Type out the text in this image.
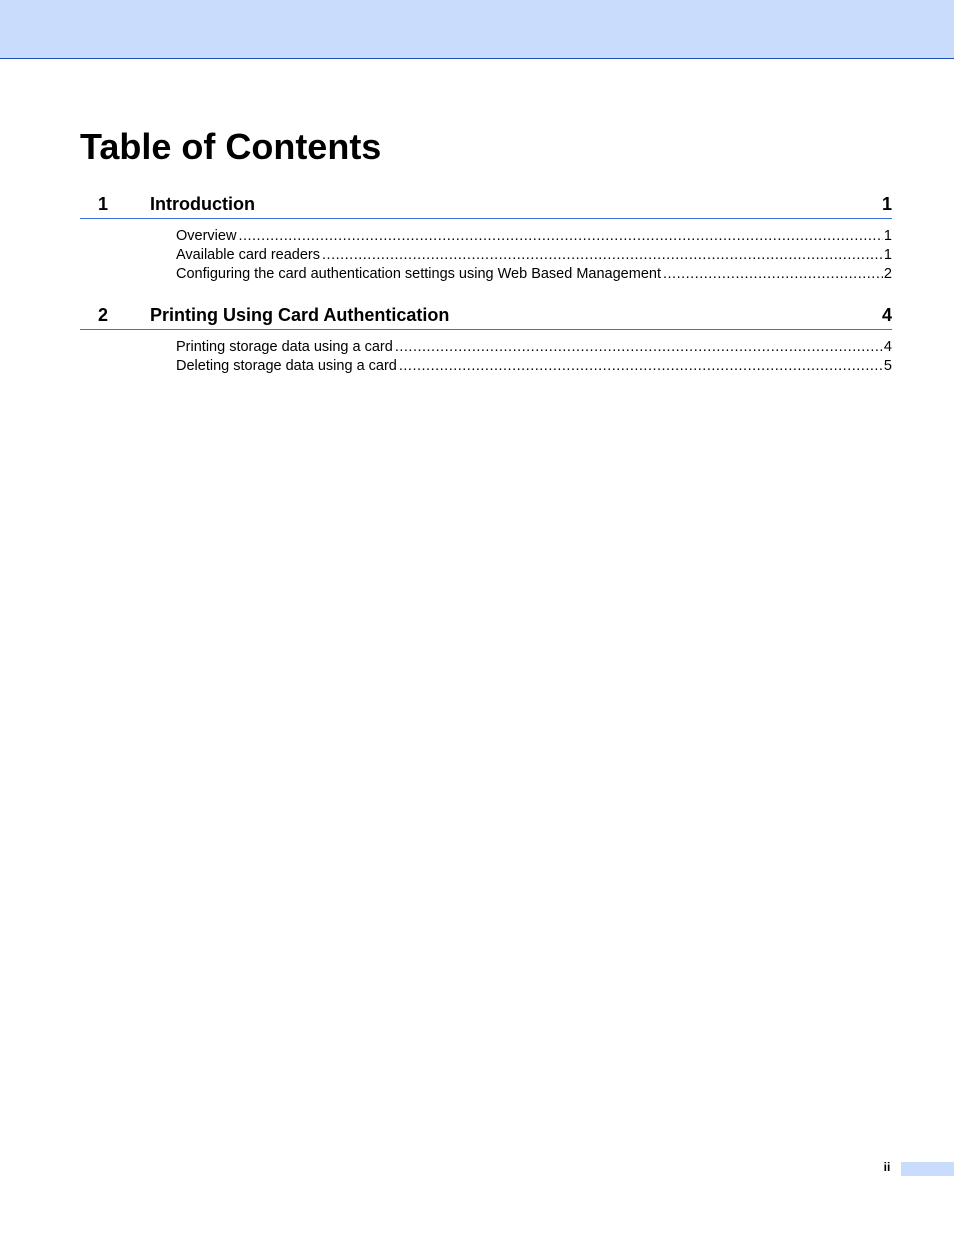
Table of Contents
1 Introduction	1
Overview .....	1
Available card readers .....	1
Configuring the card authentication settings using Web Based Management .....	2
2 Printing Using Card Authentication	4
Printing storage data using a card .....	4
Deleting storage data using a card .....	5
ii
